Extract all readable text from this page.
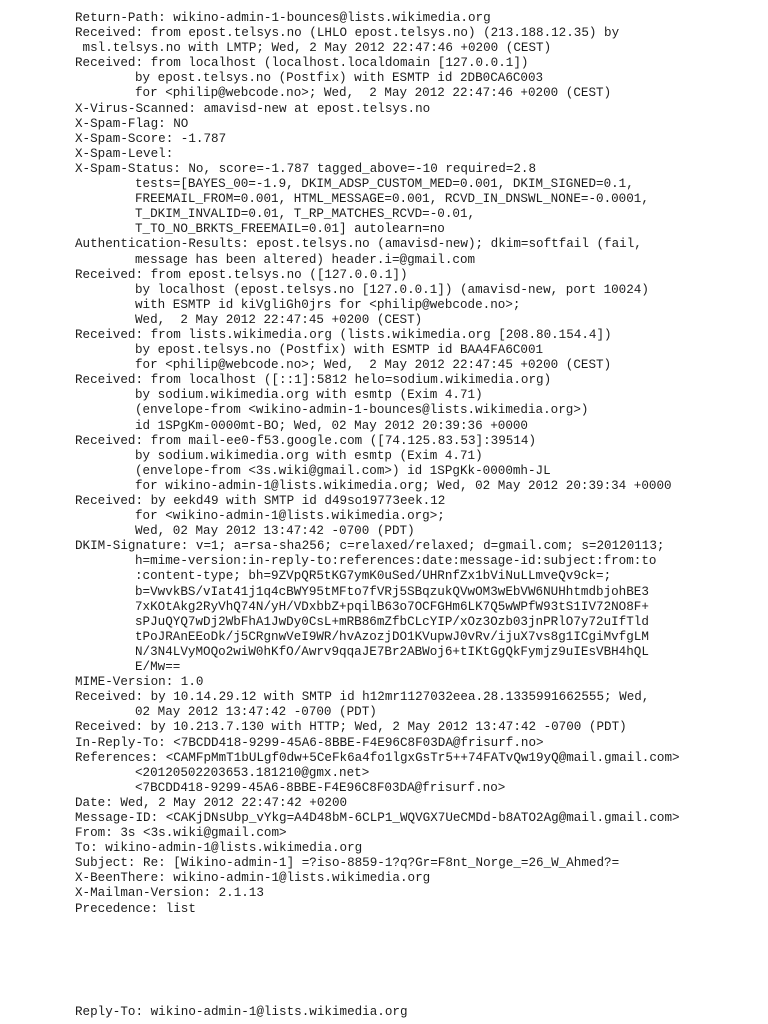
Return-Path: wikino-admin-1-bounces@lists.wikimedia.org
Received: from epost.telsys.no (LHLO epost.telsys.no) (213.188.12.35) by
msl.telsys.no with LMTP; Wed, 2 May 2012 22:47:46 +0200 (CEST)
Received: from localhost (localhost.localdomain [127.0.0.1])
by epost.telsys.no (Postfix) with ESMTP id 2DB0CA6C003
for <philip@webcode.no>; Wed,  2 May 2012 22:47:46 +0200 (CEST)
X-Virus-Scanned: amavisd-new at epost.telsys.no
X-Spam-Flag: NO
X-Spam-Score: -1.787
X-Spam-Level:
X-Spam-Status: No, score=-1.787 tagged_above=-10 required=2.8
tests=[BAYES_00=-1.9, DKIM_ADSP_CUSTOM_MED=0.001, DKIM_SIGNED=0.1,
FREEMAIL_FROM=0.001, HTML_MESSAGE=0.001, RCVD_IN_DNSWL_NONE=-0.0001,
T_DKIM_INVALID=0.01, T_RP_MATCHES_RCVD=-0.01,
T_TO_NO_BRKTS_FREEMAIL=0.01] autolearn=no
Authentication-Results: epost.telsys.no (amavisd-new); dkim=softfail (fail,
message has been altered) header.i=@gmail.com
Received: from epost.telsys.no ([127.0.0.1])
by localhost (epost.telsys.no [127.0.0.1]) (amavisd-new, port 10024)
with ESMTP id kiVgliGh0jrs for <philip@webcode.no>;
Wed,  2 May 2012 22:47:45 +0200 (CEST)
Received: from lists.wikimedia.org (lists.wikimedia.org [208.80.154.4])
by epost.telsys.no (Postfix) with ESMTP id BAA4FA6C001
for <philip@webcode.no>; Wed,  2 May 2012 22:47:45 +0200 (CEST)
Received: from localhost ([::1]:5812 helo=sodium.wikimedia.org)
by sodium.wikimedia.org with esmtp (Exim 4.71)
(envelope-from <wikino-admin-1-bounces@lists.wikimedia.org>)
id 1SPgKm-0000mt-BO; Wed, 02 May 2012 20:39:36 +0000
Received: from mail-ee0-f53.google.com ([74.125.83.53]:39514)
by sodium.wikimedia.org with esmtp (Exim 4.71)
(envelope-from <3s.wiki@gmail.com>) id 1SPgKk-0000mh-JL
for wikino-admin-1@lists.wikimedia.org; Wed, 02 May 2012 20:39:34 +0000
Received: by eekd49 with SMTP id d49so19773eek.12
for <wikino-admin-1@lists.wikimedia.org>;
Wed, 02 May 2012 13:47:42 -0700 (PDT)
DKIM-Signature: v=1; a=rsa-sha256; c=relaxed/relaxed; d=gmail.com; s=20120113;
h=mime-version:in-reply-to:references:date:message-id:subject:from:to
:content-type; bh=9ZVpQR5tKG7ymK0uSed/UHRnfZx1bViNuLLmveQv9ck=;
b=VwvkBS/vIat41j1q4cBWY95tMFto7fVRj5SBqzukQVwOM3wEbVW6NUHhtmdbjohBE3
7xKOtAkg2RyVhQ74N/yH/VDxbbZ+pqilB63o7OCFGHm6LK7Q5wWPfW93tS1IV72NO8F+
sPJuQYQ7wDj2WbFhA1JwDy0CsL+mRB86mZfbCLcYIP/xOz3Ozb03jnPRlO7y72uIfTld
tPoJRAnEEoDk/j5CRgnwVeI9WR/hvAzozjDO1KVupwJ0vRv/ijuX7vs8g1ICgiMvfgLM
N/3N4LVyMOQo2wiW0hKfO/Awrv9qqaJE7Br2ABWoj6+tIKtGgQkFymjz9uIEsVBH4hQL
E/Mw==
MIME-Version: 1.0
Received: by 10.14.29.12 with SMTP id h12mr1127032eea.28.1335991662555; Wed,
02 May 2012 13:47:42 -0700 (PDT)
Received: by 10.213.7.130 with HTTP; Wed, 2 May 2012 13:47:42 -0700 (PDT)
In-Reply-To: <7BCDD418-9299-45A6-8BBE-F4E96C8F03DA@frisurf.no>
References: <CAMFpMmT1bULgf0dw+5CeFk6a4fo1lgxGsTr5++74FATvQw19yQ@mail.gmail.com>
<20120502203653.181210@gmx.net>
<7BCDD418-9299-45A6-8BBE-F4E96C8F03DA@frisurf.no>
Date: Wed, 2 May 2012 22:47:42 +0200
Message-ID: <CAKjDNsUbp_vYkg=A4D48bM-6CLP1_WQVGX7UeCMDd-b8ATO2Ag@mail.gmail.com>
From: 3s <3s.wiki@gmail.com>
To: wikino-admin-1@lists.wikimedia.org
Subject: Re: [Wikino-admin-1] =?iso-8859-1?q?Gr=F8nt_Norge_=26_W_Ahmed?=
X-BeenThere: wikino-admin-1@lists.wikimedia.org
X-Mailman-Version: 2.1.13
Precedence: list
Reply-To: wikino-admin-1@lists.wikimedia.org
